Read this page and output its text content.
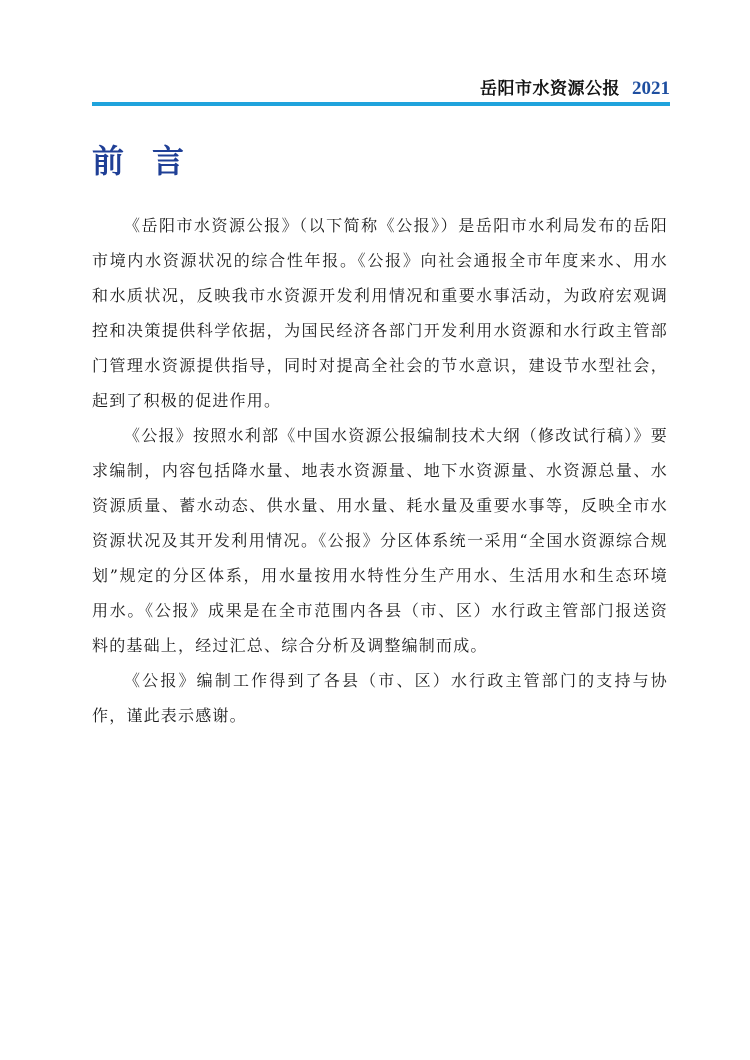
岳阳市水资源公报 2021
前言

《岳阳市水资源公报》（以下简称《公报》）是岳阳市水利局发布的岳阳市境内水资源状况的综合性年报。《公报》向社会通报全市年度来水、用水和水质状况，反映我市水资源开发利用情况和重要水事活动，为政府宏观调控和决策提供科学依据，为国民经济各部门开发利用水资源和水行政主管部门管理水资源提供指导，同时对提高全社会的节水意识，建设节水型社会，起到了积极的促进作用。

《公报》按照水利部《中国水资源公报编制技术大纲（修改试行稿）》要求编制，内容包括降水量、地表水资源量、地下水资源量、水资源总量、水资源质量、蓄水动态、供水量、用水量、耗水量及重要水事等，反映全市水资源状况及其开发利用情况。《公报》分区体系统一采用“全国水资源综合规划”规定的分区体系，用水量按用水特性分生产用水、生活用水和生态环境用水。《公报》成果是在全市范围内各县（市、区）水行政主管部门报送资料的基础上，经过汇总、综合分析及调整编制而成。

《公报》编制工作得到了各县（市、区）水行政主管部门的支持与协作，谨此表示感谢。
